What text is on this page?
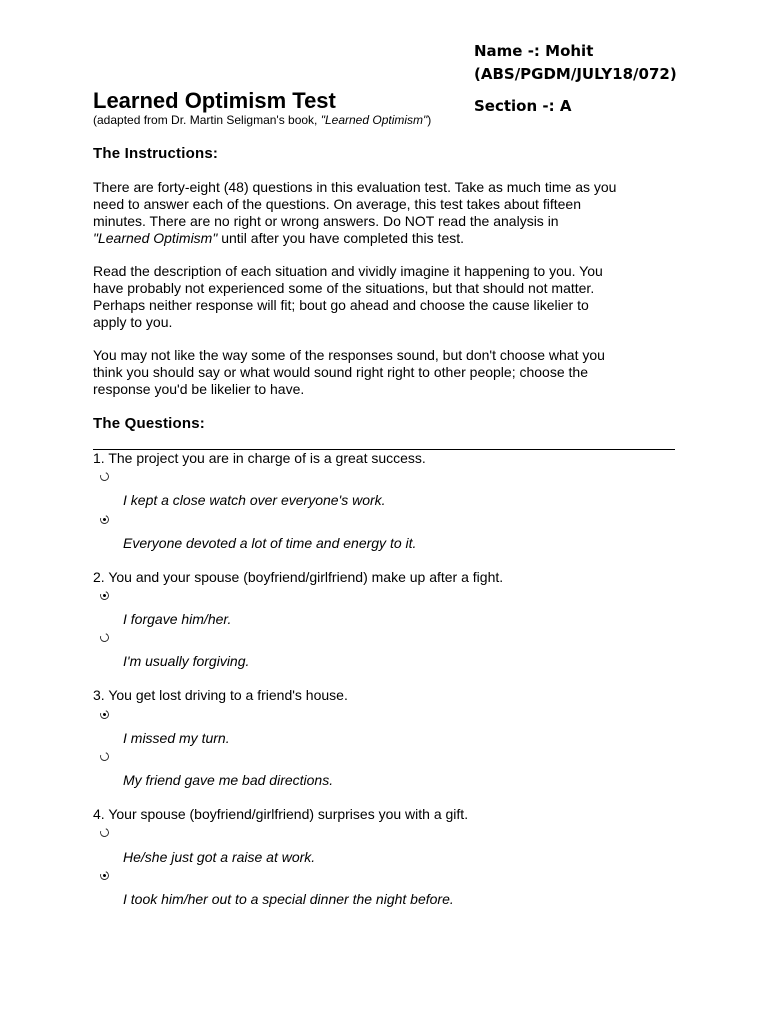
Name -: Mohit
(ABS/PGDM/JULY18/072)
Section -: A
Learned Optimism Test
(adapted from Dr. Martin Seligman's book, "Learned Optimism")
The Instructions:
There are forty-eight (48) questions in this evaluation test. Take as much time as you
need to answer each of the questions. On average, this test takes about fifteen
minutes. There are no right or wrong answers. Do NOT read the analysis in
"Learned Optimism" until after you have completed this test.
Read the description of each situation and vividly imagine it happening to you. You
have probably not experienced some of the situations, but that should not matter.
Perhaps neither response will fit; bout go ahead and choose the cause likelier to
apply to you.
You may not like the way some of the responses sound, but don't choose what you
think you should say or what would sound right right to other people; choose the
response you'd be likelier to have.
The Questions:
1. The project you are in charge of is a great success.
I kept a close watch over everyone's work.
Everyone devoted a lot of time and energy to it.
2. You and your spouse (boyfriend/girlfriend) make up after a fight.
I forgave him/her.
I'm usually forgiving.
3. You get lost driving to a friend's house.
I missed my turn.
My friend gave me bad directions.
4. Your spouse (boyfriend/girlfriend) surprises you with a gift.
He/she just got a raise at work.
I took him/her out to a special dinner the night before.
